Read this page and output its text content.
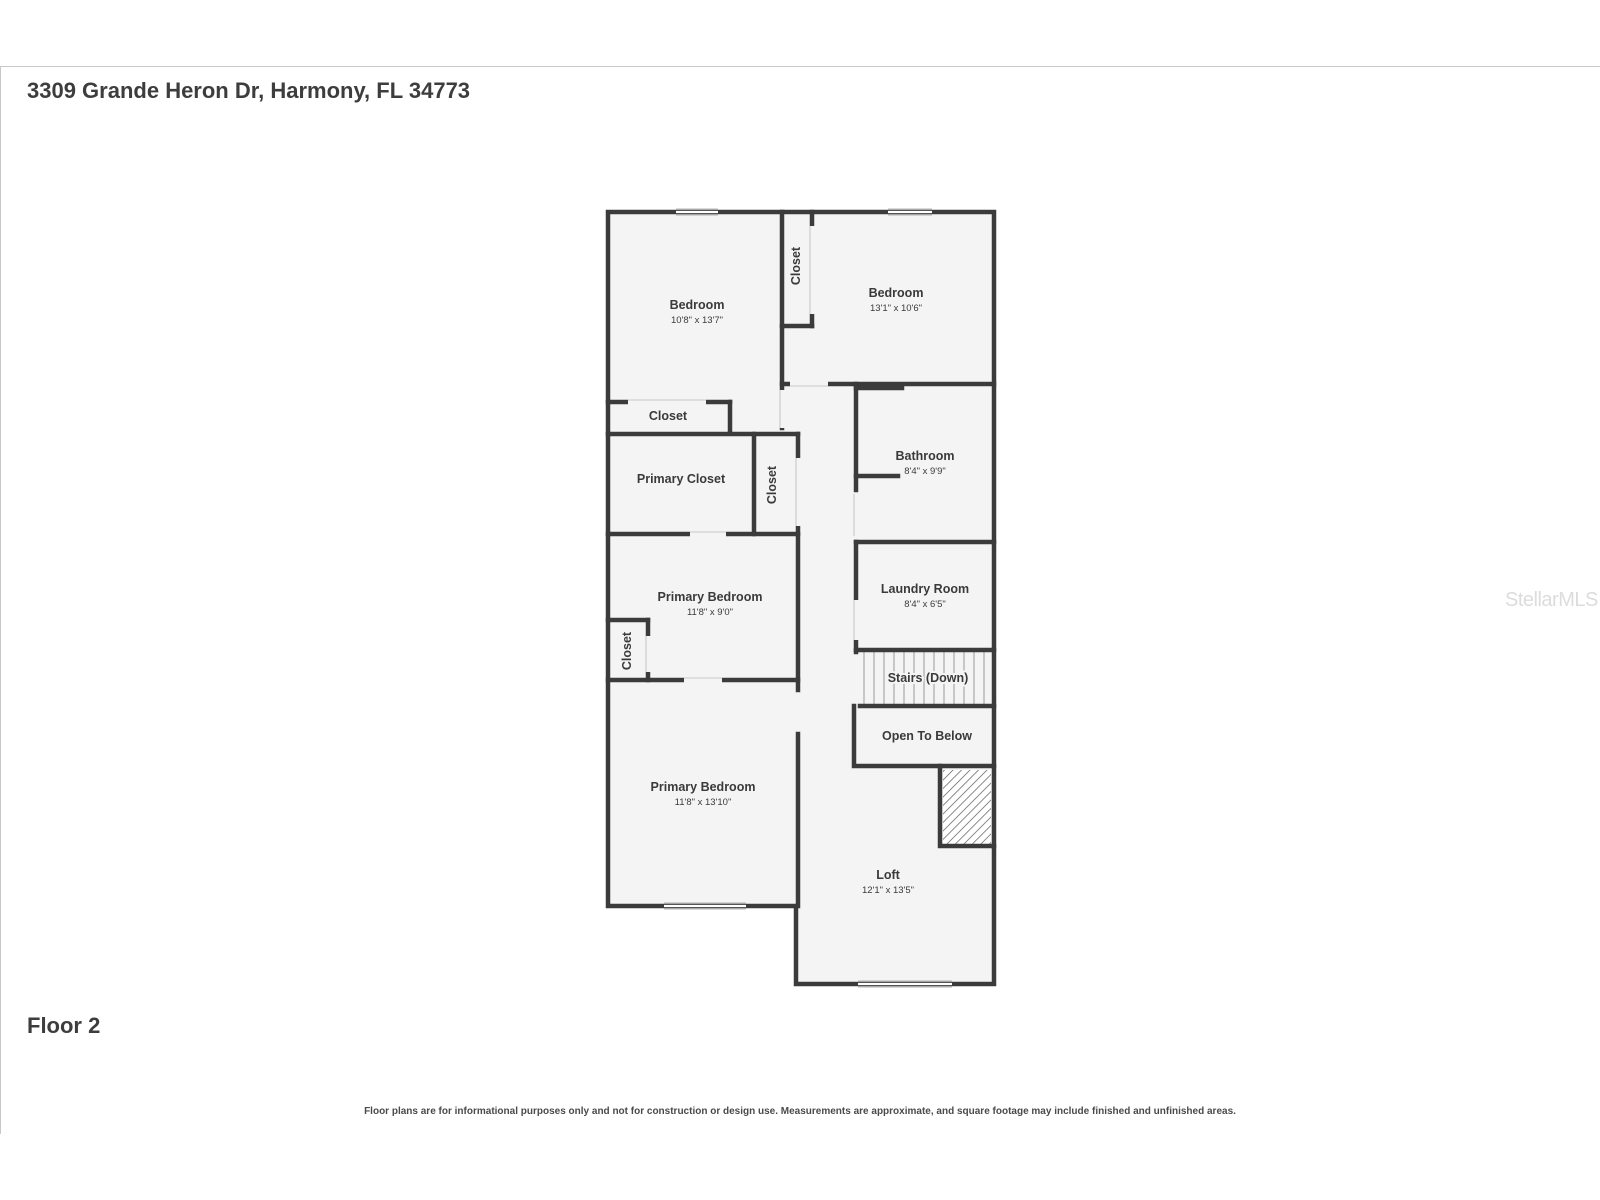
3309 Grande Heron Dr, Harmony, FL 34773
Bedroom
10'8" x 13'7"
Bedroom
13'1" x 10'6"
Closet
Closet
Primary Closet	Closet
Bathroom
8'4" x 9'9"
Laundry Room
8'4" x 6'5"
Primary Bedroom
11'8" x 9'0"
Closet
Stairs (Down)
Open To Below
Primary Bedroom
11'8" x 13'10"
Loft
12'1" x 13'5"
StellarMLS
Floor 2
Floor plans are for informational purposes only and not for construction or design use. Measurements are approximate, and square footage may include finished and unfinished areas.
